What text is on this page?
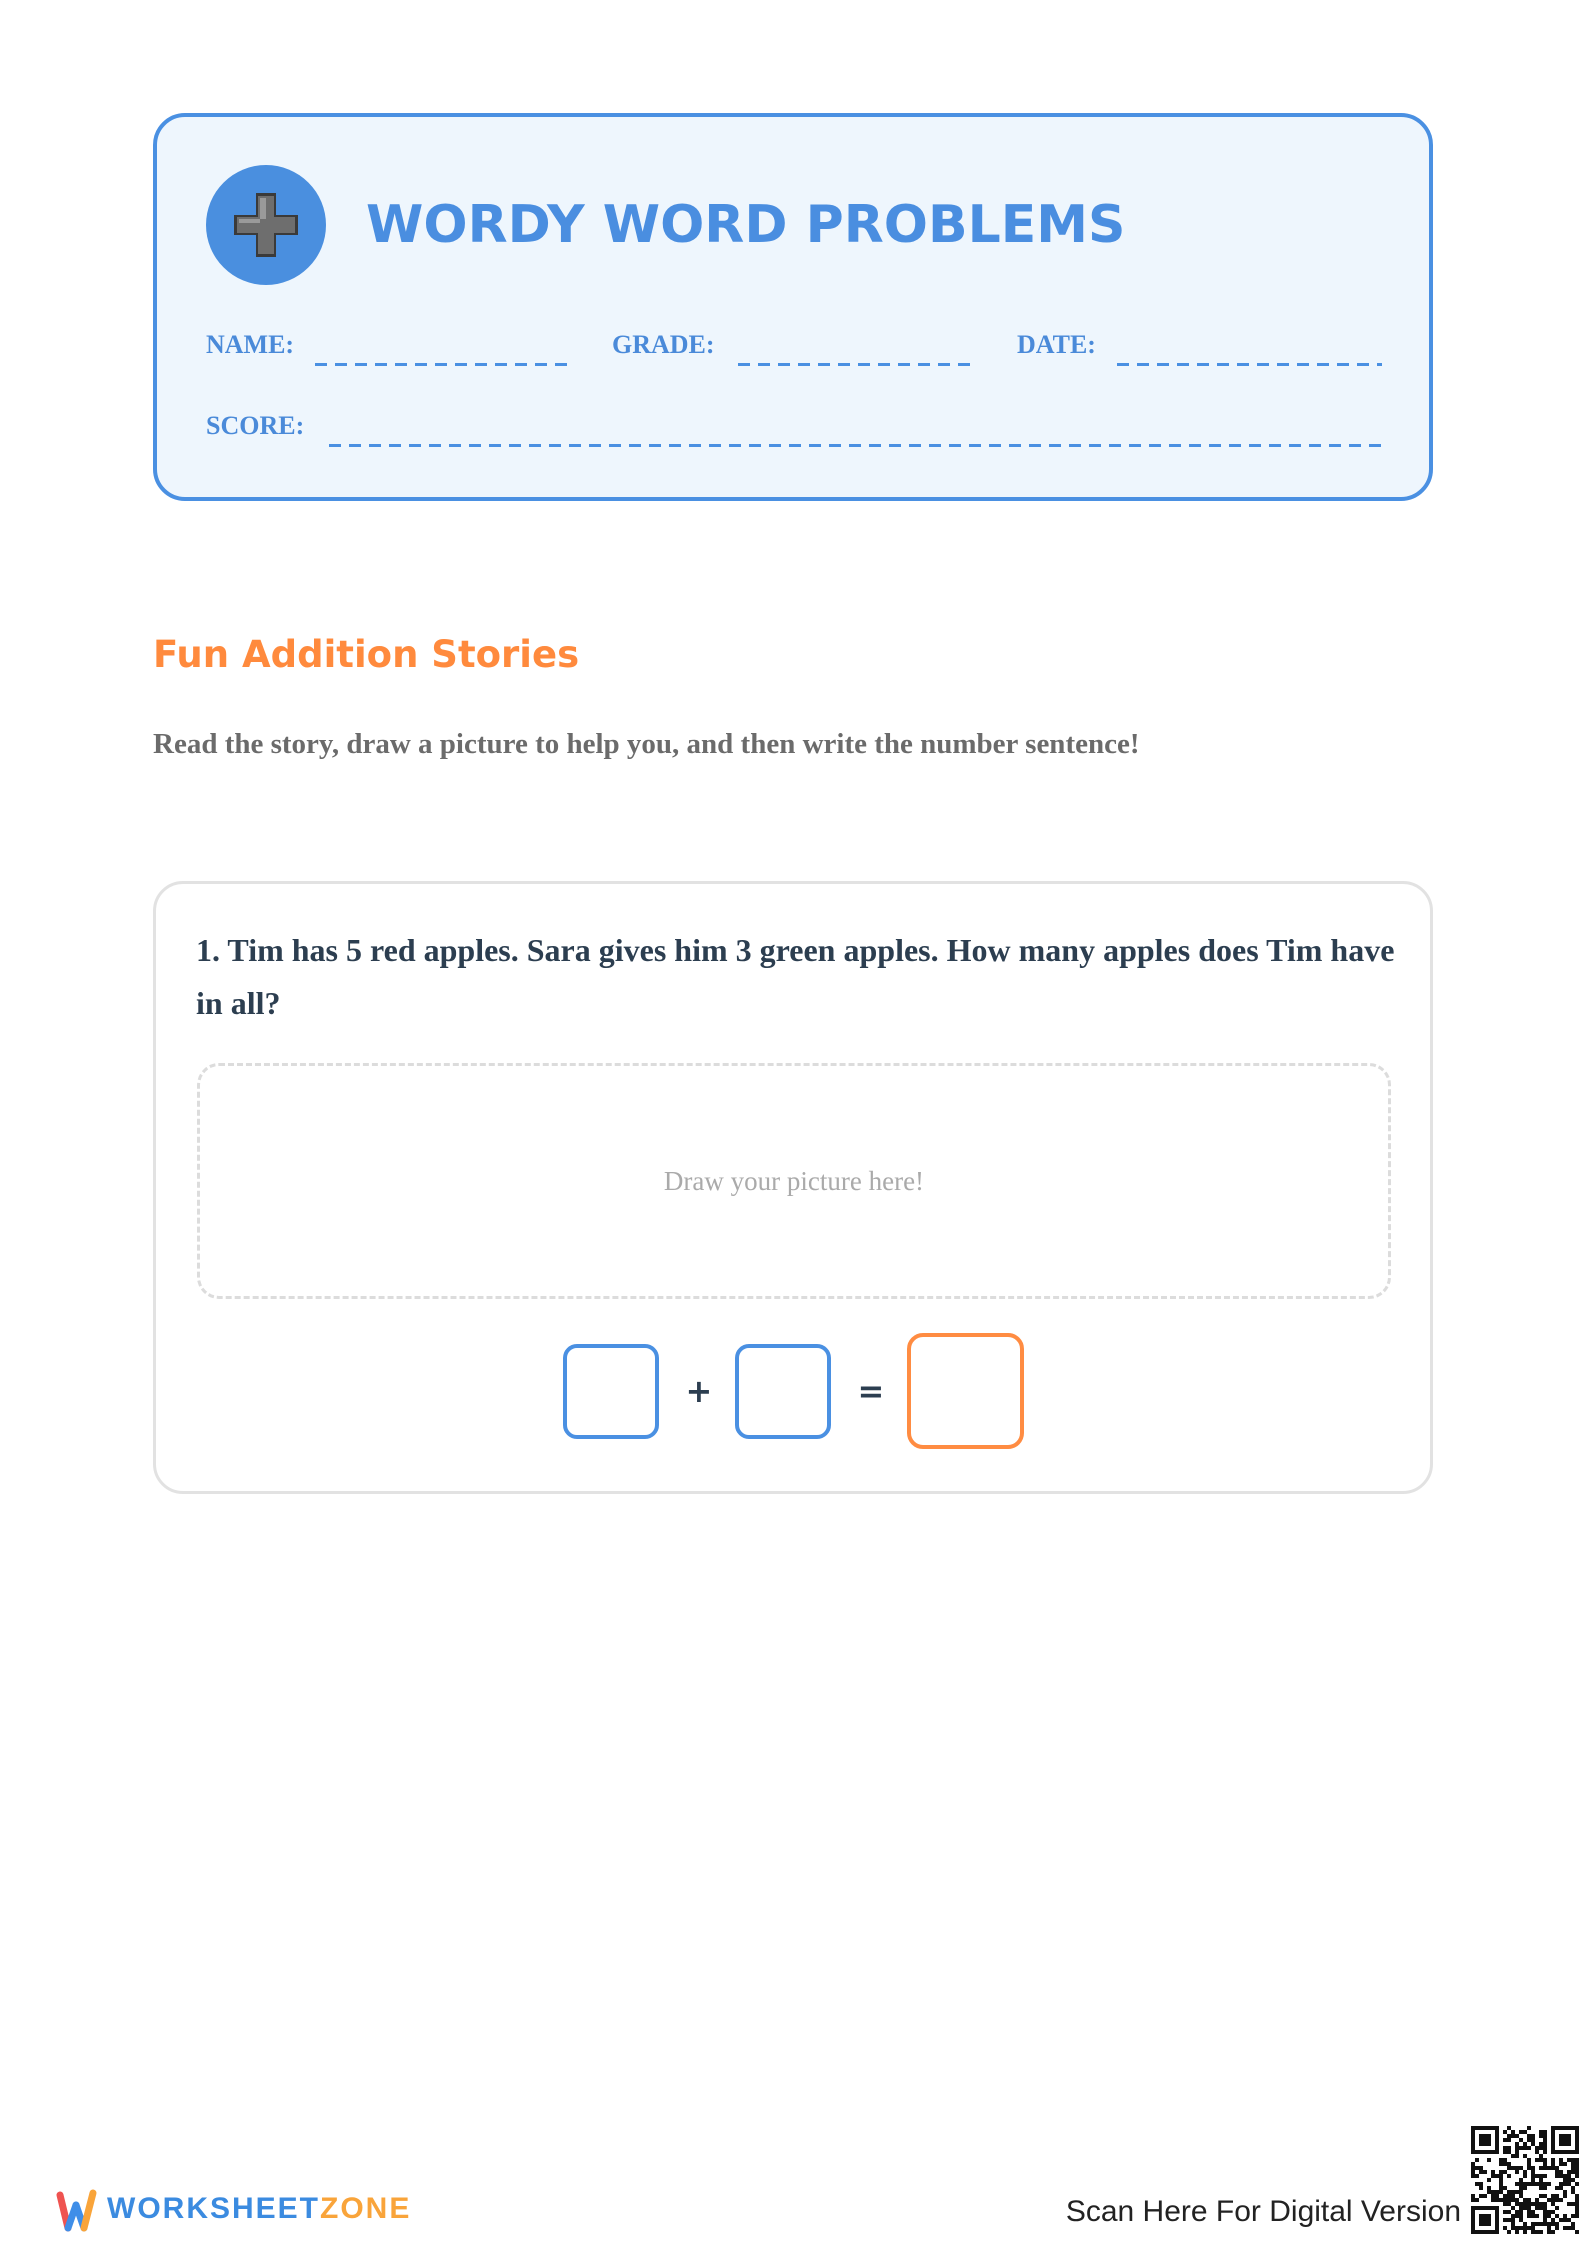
WORDY WORD PROBLEMS
NAME:	GRADE:	DATE:
SCORE:
Fun Addition Stories
Read the story, draw a picture to help you, and then write the number sentence!
1. Tim has 5 red apples. Sara gives him 3 green apples. How many apples does Tim have in all?
Draw your picture here!
+	=
WORKSHEETZONE	Scan Here For Digital Version
